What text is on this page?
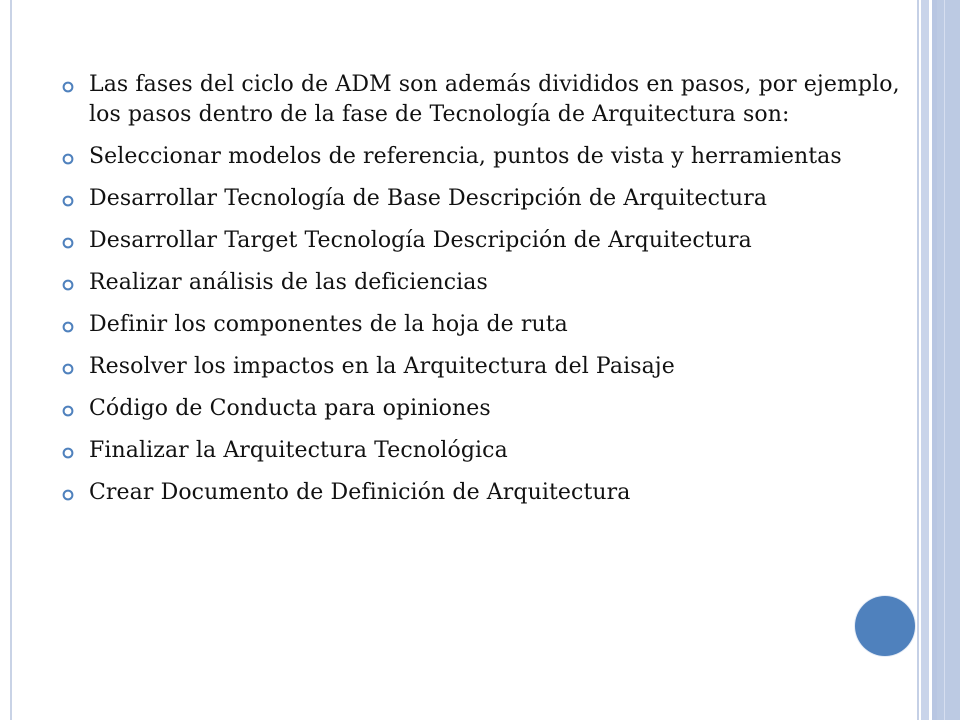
Las fases del ciclo de ADM son además divididos en pasos, por ejemplo, los pasos dentro de la fase de Tecnología de Arquitectura son:
Seleccionar modelos de referencia, puntos de vista y herramientas
Desarrollar Tecnología de Base Descripción de Arquitectura
Desarrollar Target Tecnología Descripción de Arquitectura
Realizar análisis de las deficiencias
Definir los componentes de la hoja de ruta
Resolver los impactos en la Arquitectura del Paisaje
Código de Conducta para opiniones
Finalizar la Arquitectura Tecnológica
Crear Documento de Definición de Arquitectura
